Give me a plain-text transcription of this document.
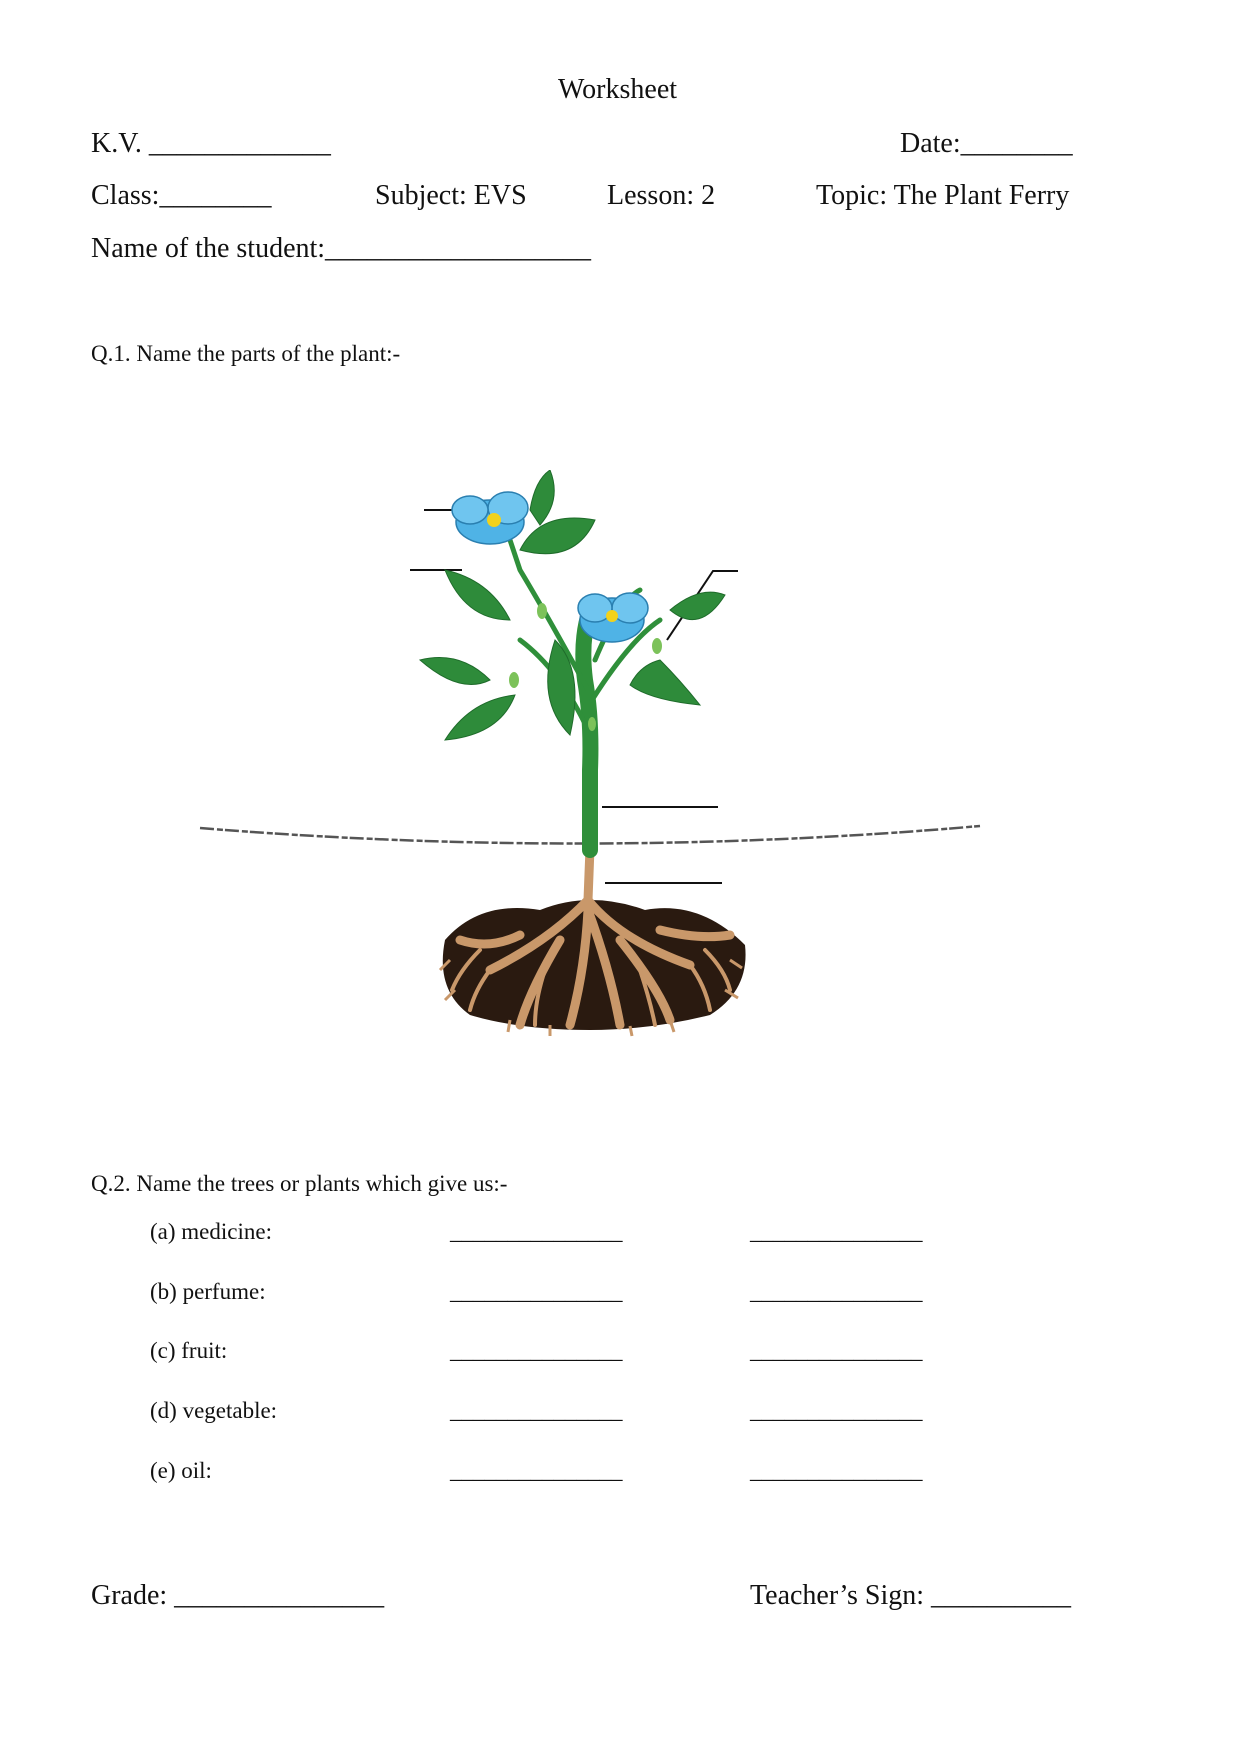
Worksheet
K.V. _____________	Date:________
Class:________	Subject: EVS	Lesson: 2	Topic: The Plant Ferry
Name of the student:___________________
Q.1. Name the parts of the plant:-
Q.2. Name the trees or plants which give us:-
(a) medicine:	_______________	_______________
(b) perfume:	_______________	_______________
(c) fruit:	_______________	_______________
(d) vegetable:	_______________	_______________
(e) oil:	_______________	_______________
Grade: _______________	Teacher’s Sign: __________
